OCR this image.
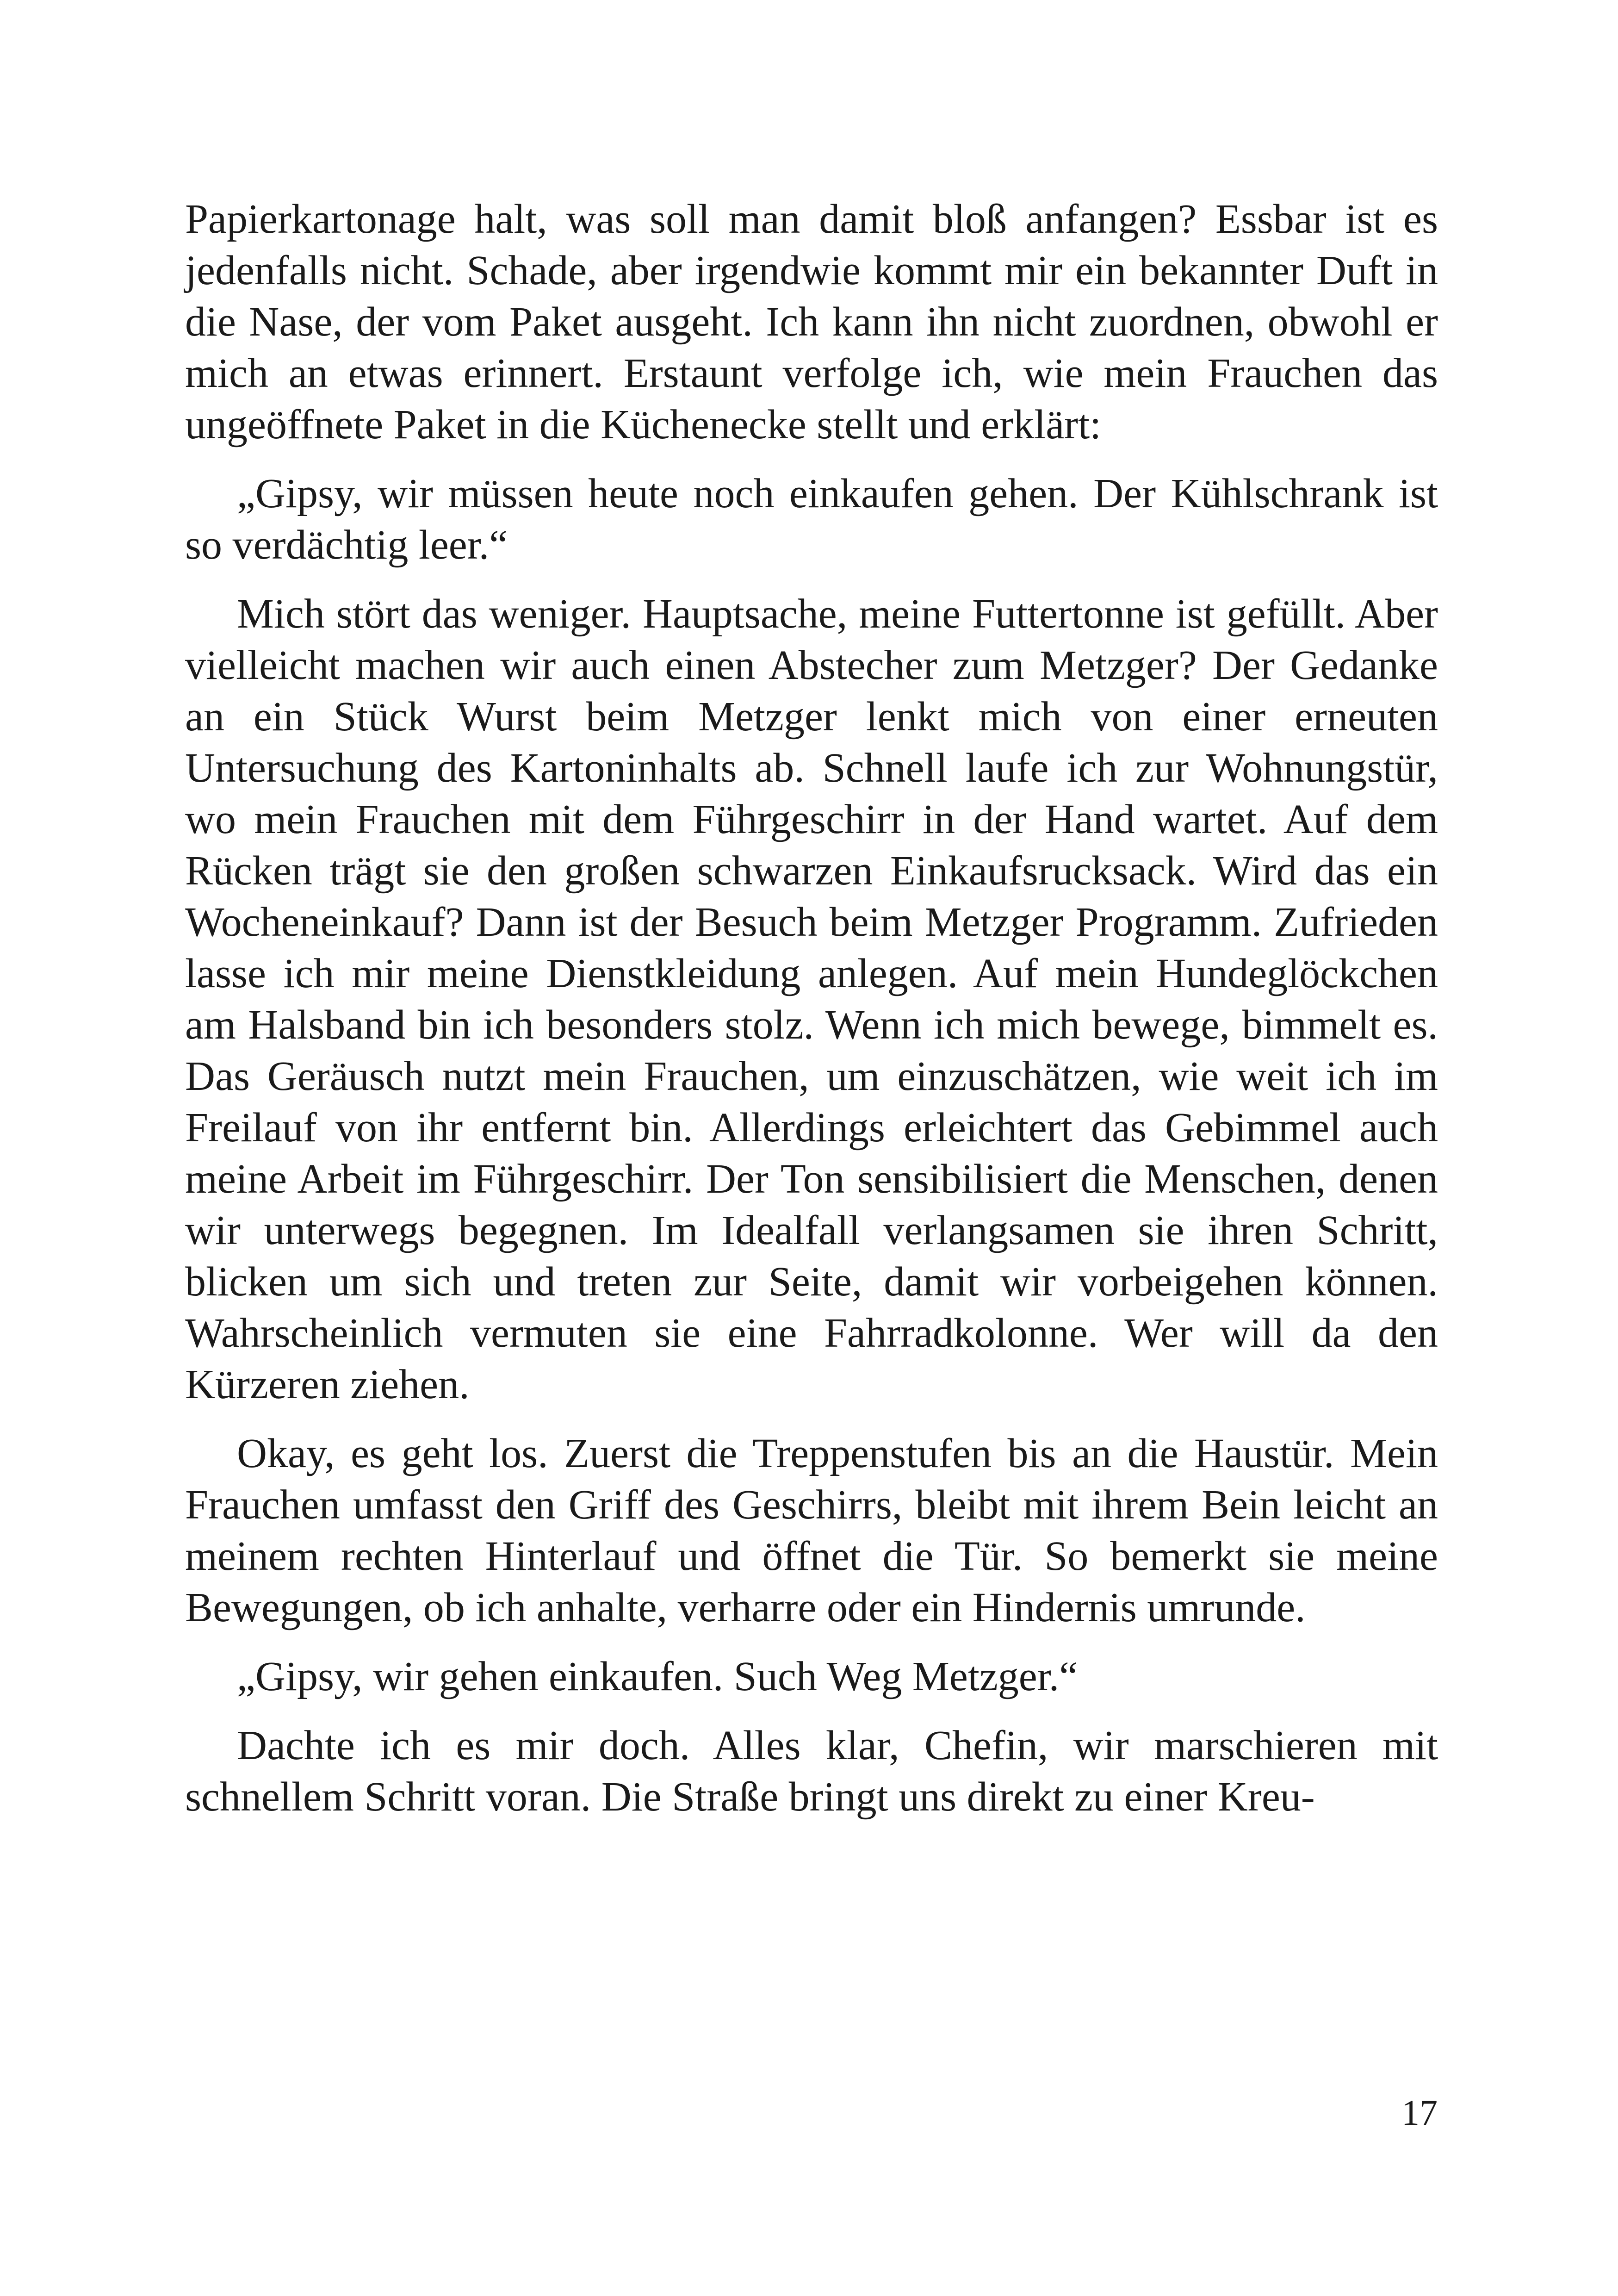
Papierkartonage halt, was soll man damit bloß anfangen? Essbar ist es jedenfalls nicht. Schade, aber irgendwie kommt mir ein bekannter Duft in die Nase, der vom Paket ausgeht. Ich kann ihn nicht zuordnen, obwohl er mich an etwas erinnert. Erstaunt verfolge ich, wie mein Frauchen das ungeöffnete Paket in die Küchenecke stellt und erklärt:

„Gipsy, wir müssen heute noch einkaufen gehen. Der Kühlschrank ist so verdächtig leer.“

Mich stört das weniger. Hauptsache, meine Futtertonne ist gefüllt. Aber vielleicht machen wir auch einen Abstecher zum Metzger? Der Gedanke an ein Stück Wurst beim Metzger lenkt mich von einer erneuten Untersuchung des Kartoninhalts ab. Schnell laufe ich zur Wohnungstür, wo mein Frauchen mit dem Führgeschirr in der Hand wartet. Auf dem Rücken trägt sie den großen schwarzen Einkaufsrucksack. Wird das ein Wocheneinkauf? Dann ist der Besuch beim Metzger Programm. Zufrieden lasse ich mir meine Dienstkleidung anlegen. Auf mein Hundeglöckchen am Halsband bin ich besonders stolz. Wenn ich mich bewege, bimmelt es. Das Geräusch nutzt mein Frauchen, um einzuschätzen, wie weit ich im Freilauf von ihr entfernt bin. Allerdings erleichtert das Gebimmel auch meine Arbeit im Führgeschirr. Der Ton sensibilisiert die Menschen, denen wir unterwegs begegnen. Im Idealfall verlangsamen sie ihren Schritt, blicken um sich und treten zur Seite, damit wir vorbeigehen können. Wahrscheinlich vermuten sie eine Fahrradkolonne. Wer will da den Kürzeren ziehen.

Okay, es geht los. Zuerst die Treppenstufen bis an die Haustür. Mein Frauchen umfasst den Griff des Geschirrs, bleibt mit ihrem Bein leicht an meinem rechten Hinterlauf und öffnet die Tür. So bemerkt sie meine Bewegungen, ob ich anhalte, verharre oder ein Hindernis umrunde.

„Gipsy, wir gehen einkaufen. Such Weg Metzger.“

Dachte ich es mir doch. Alles klar, Chefin, wir marschieren mit schnellem Schritt voran. Die Straße bringt uns direkt zu einer Kreu-

17
